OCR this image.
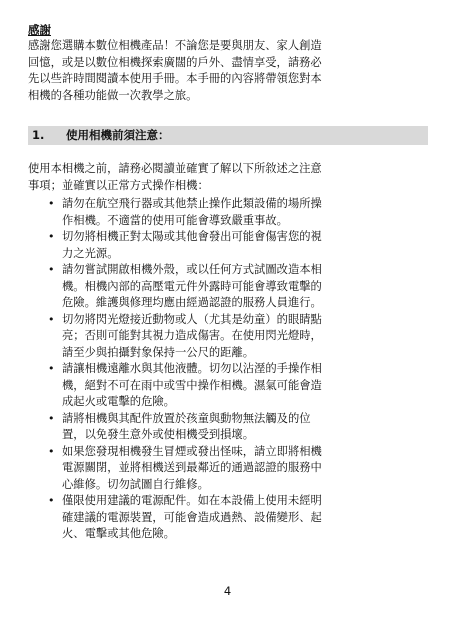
感謝

感謝您選購本數位相機產品！不論您是要與朋友、家人創造
回憶，或是以數位相機探索廣闊的戶外、盡情享受，請務必
先以些許時間閱讀本使用手冊。本手冊的內容將帶領您對本
相機的各種功能做一次教學之旅。

1.	使用相機前須注意：

使用本相機之前，請務必閱讀並確實了解以下所敘述之注意
事項；並確實以正常方式操作相機：

• 請勿在航空飛行器或其他禁止操作此類設備的場所操
作相機。不適當的使用可能會導致嚴重事故。
• 切勿將相機正對太陽或其他會發出可能會傷害您的視
力之光源。
• 請勿嘗試開啟相機外殼，或以任何方式試圖改造本相
機。相機內部的高壓電元件外露時可能會導致電擊的
危險。維護與修理均應由經過認證的服務人員進行。
• 切勿將閃光燈接近動物或人（尤其是幼童）的眼睛點
亮；否則可能對其視力造成傷害。在使用閃光燈時，
請至少與拍攝對象保持一公尺的距離。
• 請讓相機遠離水與其他液體。切勿以沾溼的手操作相
機，絕對不可在雨中或雪中操作相機。濕氣可能會造
成起火或電擊的危險。
• 請將相機與其配件放置於孩童與動物無法觸及的位
置，以免發生意外或使相機受到損壞。
• 如果您發現相機發生冒煙或發出怪味，請立即將相機
電源關閉，並將相機送到最鄰近的通過認證的服務中
心維修。切勿試圖自行維修。
• 僅限使用建議的電源配件。如在本設備上使用未經明
確建議的電源裝置，可能會造成過熱、設備變形、起
火、電擊或其他危險。
4
